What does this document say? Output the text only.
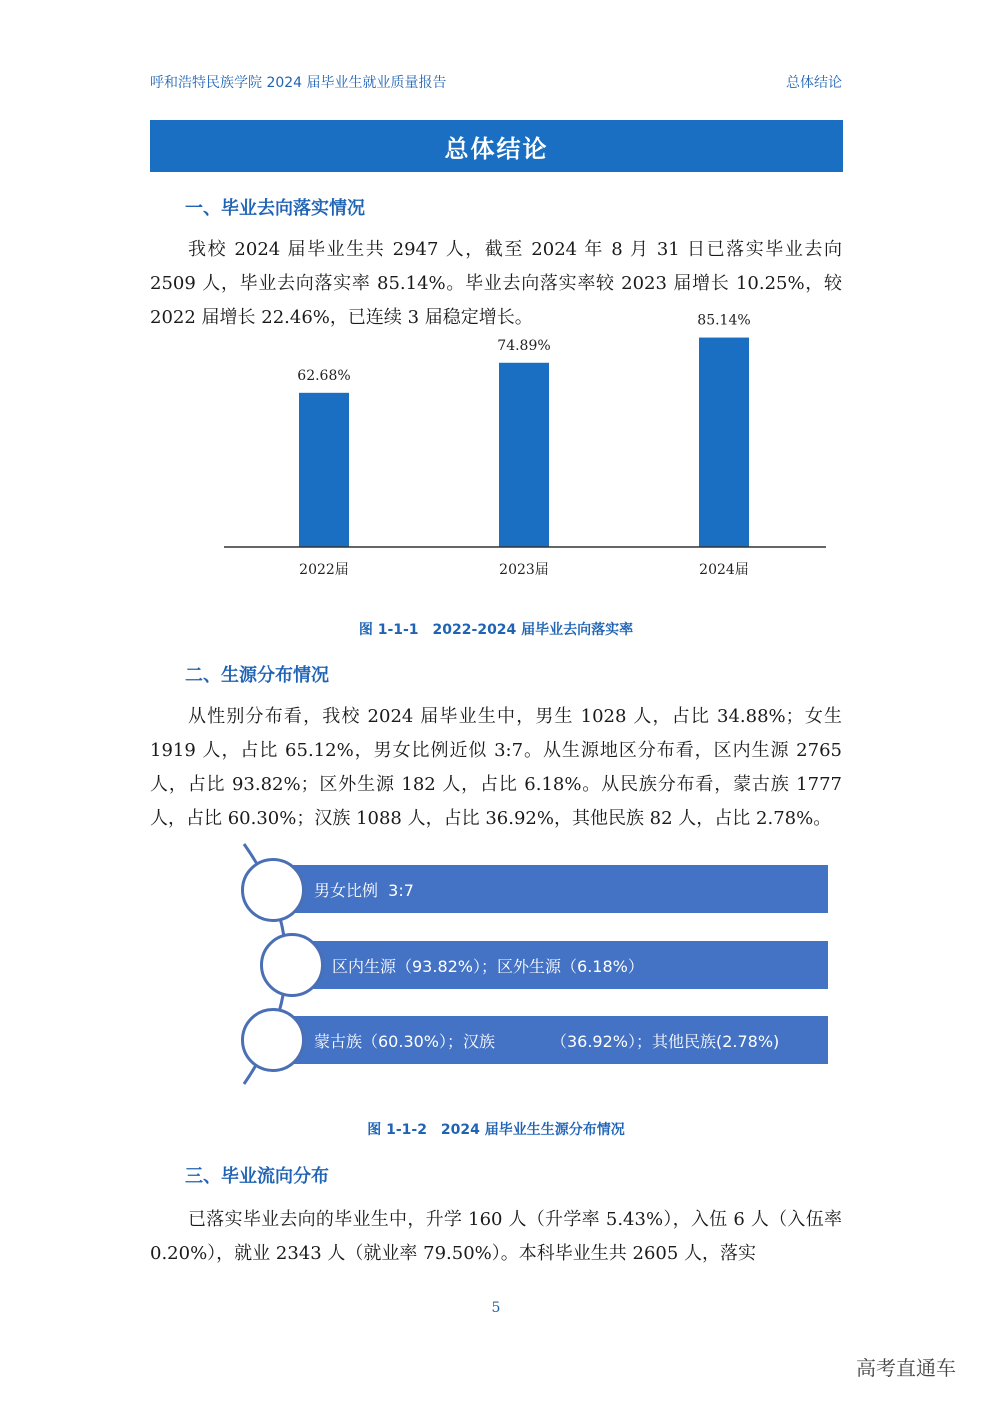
呼和浩特民族学院 2024 届毕业生就业质量报告	总体结论
总体结论
一、毕业去向落实情况

我校 2024 届毕业生共 2947 人，截至 2024 年 8 月 31 日已落实毕业去向 2509 人，毕业去向落实率 85.14%。毕业去向落实率较 2023 届增长 10.25%，较 2022 届增长 22.46%，已连续 3 届稳定增长。

62.68%
2022届
74.89%
2023届
85.14%
2024届
图 1-1-1　2022-2024 届毕业去向落实率
二、生源分布情况

从性别分布看，我校 2024 届毕业生中，男生 1028 人，占比 34.88%；女生 1919 人，占比 65.12%，男女比例近似 3:7。从生源地区分布看，区内生源 2765 人，占比 93.82%；区外生源 182 人，占比 6.18%。从民族分布看，蒙古族 1777 人，占比 60.30%；汉族 1088 人，占比 36.92%，其他民族 82 人，占比 2.78%。

男女比例  3:7
区内生源（93.82%）；区外生源（6.18%）
蒙古族（60.30%）；汉族           （36.92%）；其他民族(2.78%)
图 1-1-2　2024 届毕业生生源分布情况
三、毕业流向分布

已落实毕业去向的毕业生中，升学 160 人（升学率 5.43%），入伍 6 人（入伍率 0.20%），就业 2343 人（就业率 79.50%）。本科毕业生共 2605 人，落实

5
高考直通车
